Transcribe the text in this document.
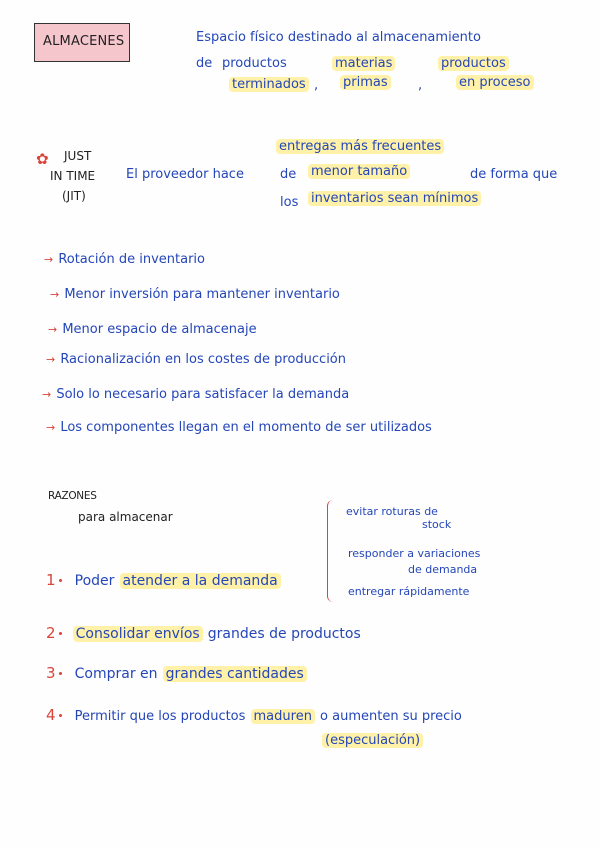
ALMACENES	Espacio físico destinado al almacenamiento
de productos
terminados ,
materias
primas ,
productos
en proceso
✿ JUST
IN TIME
(JIT)
El proveedor hace
entregas más frecuentes
de menor tamaño	de forma que
los inventarios sean mínimos
→ Rotación de inventario
→ Menor inversión para mantener inventario
→ Menor espacio de almacenaje
→ Racionalización en los costes de producción
→ Solo lo necesario para satisfacer la demanda
→ Los componentes llegan en el momento de ser utilizados
RAZONES
para almacenar	evitar roturas de
stock
responder a variaciones
de demanda
entregar rápidamente
1 Poder atender a la demanda
2 Consolidar envíos grandes de productos
3 Comprar en grandes cantidades
4 Permitir que los productos maduren o aumenten su precio
(especulación)
